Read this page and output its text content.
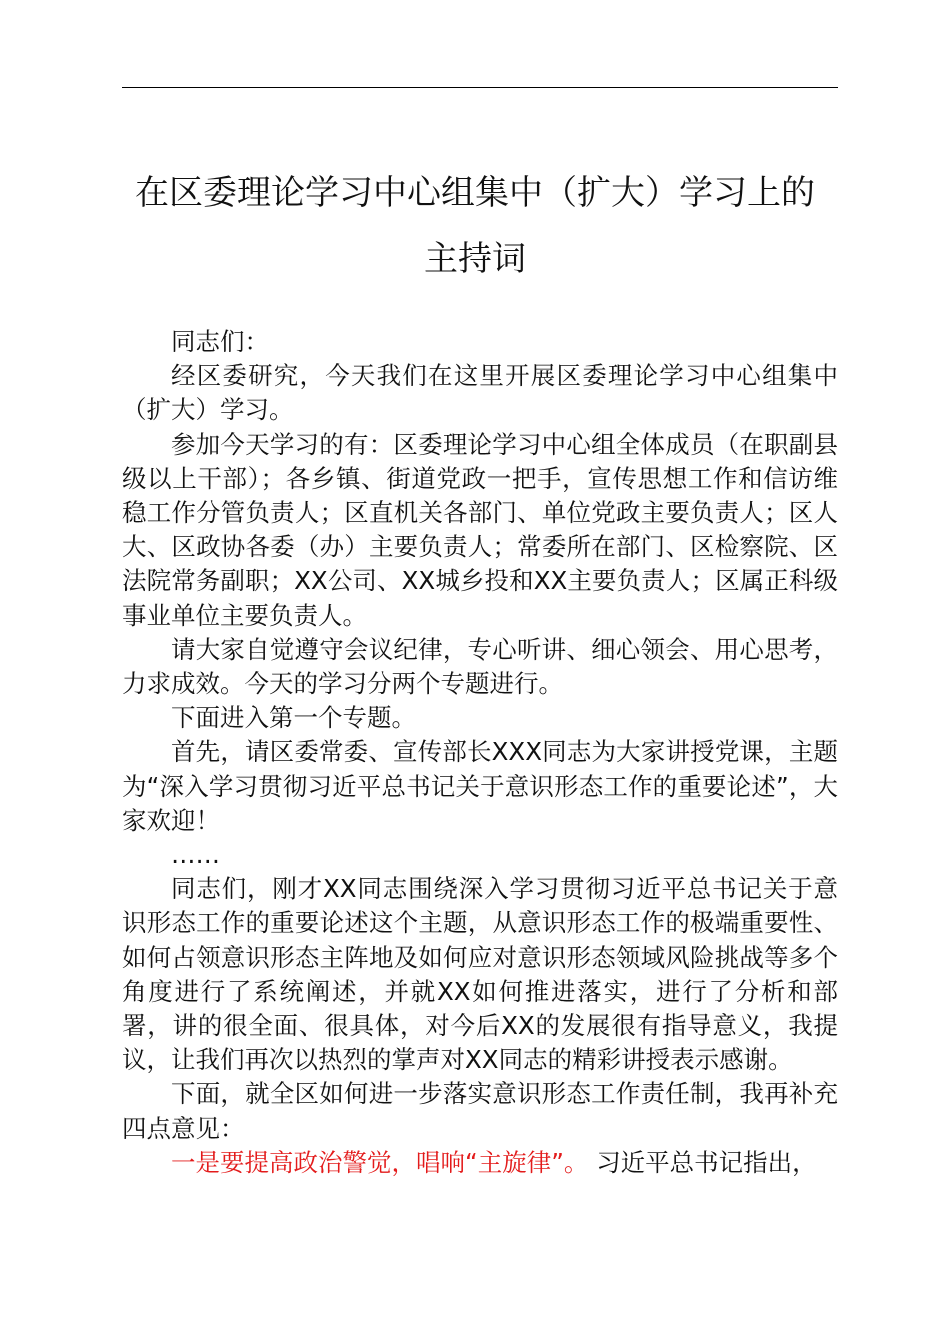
在区委理论学习中心组集中（扩大）学习上的
主持词

同志们：

经区委研究，今天我们在这里开展区委理论学习中心组集中（扩大）学习。

参加今天学习的有：区委理论学习中心组全体成员（在职副县级以上干部）；各乡镇、街道党政一把手，宣传思想工作和信访维稳工作分管负责人；区直机关各部门、单位党政主要负责人；区人大、区政协各委（办）主要负责人；常委所在部门、区检察院、区法院常务副职；XX公司、XX城乡投和XX主要负责人；区属正科级事业单位主要负责人。

请大家自觉遵守会议纪律，专心听讲、细心领会、用心思考，力求成效。今天的学习分两个专题进行。

下面进入第一个专题。

首先，请区委常委、宣传部长XXX同志为大家讲授党课，主题为“深入学习贯彻习近平总书记关于意识形态工作的重要论述”，大家欢迎！

……

同志们，刚才XX同志围绕深入学习贯彻习近平总书记关于意识形态工作的重要论述这个主题，从意识形态工作的极端重要性、如何占领意识形态主阵地及如何应对意识形态领域风险挑战等多个角度进行了系统阐述，并就XX如何推进落实，进行了分析和部署，讲的很全面、很具体，对今后XX的发展很有指导意义，我提议，让我们再次以热烈的掌声对XX同志的精彩讲授表示感谢。

下面，就全区如何进一步落实意识形态工作责任制，我再补充四点意见：

一是要提高政治警觉，唱响“主旋律”。 习近平总书记指出，
